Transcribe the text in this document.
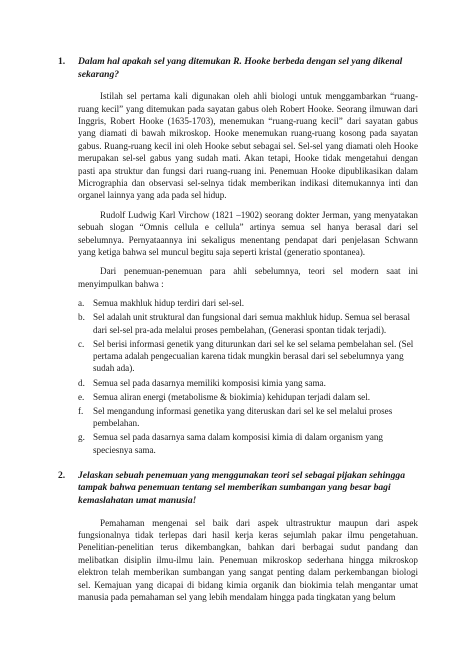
1. Dalam hal apakah sel yang ditemukan R. Hooke berbeda dengan sel yang dikenal sekarang?

Istilah sel pertama kali digunakan oleh ahli biologi untuk menggambarkan “ruang-ruang kecil” yang ditemukan pada sayatan gabus oleh Robert Hooke. Seorang ilmuwan dari Inggris, Robert Hooke (1635-1703), menemukan “ruang-ruang kecil” dari sayatan gabus yang diamati di bawah mikroskop. Hooke menemukan ruang-ruang kosong pada sayatan gabus. Ruang-ruang kecil ini oleh Hooke sebut sebagai sel. Sel-sel yang diamati oleh Hooke merupakan sel-sel gabus yang sudah mati. Akan tetapi, Hooke tidak mengetahui dengan pasti apa struktur dan fungsi dari ruang-ruang ini. Penemuan Hooke dipublikasikan dalam Micrographia dan observasi sel-selnya tidak memberikan indikasi ditemukannya inti dan organel lainnya yang ada pada sel hidup.

Rudolf Ludwig Karl Virchow (1821 –1902) seorang dokter Jerman, yang menyatakan sebuah slogan “Omnis cellula e cellula” artinya semua sel hanya berasal dari sel sebelumnya. Pernyataannya ini sekaligus menentang pendapat dari penjelasan Schwann yang ketiga bahwa sel muncul begitu saja seperti kristal (generatio spontanea).

Dari penemuan-penemuan para ahli sebelumnya, teori sel modern saat ini menyimpulkan bahwa :

a. Semua makhluk hidup terdiri dari sel-sel.
b. Sel adalah unit struktural dan fungsional dari semua makhluk hidup. Semua sel berasal dari sel-sel pra-ada melalui proses pembelahan, (Generasi spontan tidak terjadi).
c. Sel berisi informasi genetik yang diturunkan dari sel ke sel selama pembelahan sel. (Sel pertama adalah pengecualian karena tidak mungkin berasal dari sel sebelumnya yang sudah ada).
d. Semua sel pada dasarnya memiliki komposisi kimia yang sama.
e. Semua aliran energi (metabolisme & biokimia) kehidupan terjadi dalam sel.
f. Sel mengandung informasi genetika yang diteruskan dari sel ke sel melalui proses pembelahan.
g. Semua sel pada dasarnya sama dalam komposisi kimia di dalam organism yang speciesnya sama.
2. Jelaskan sebuah penemuan yang menggunakan teori sel sebagai pijakan sehingga tampak bahwa penemuan tentang sel memberikan sumbangan yang besar bagi kemaslahatan umat manusia!

Pemahaman mengenai sel baik dari aspek ultrastruktur maupun dari aspek fungsionalnya tidak terlepas dari hasil kerja keras sejumlah pakar ilmu pengetahuan. Penelitian-penelitian terus dikembangkan, bahkan dari berbagai sudut pandang dan melibatkan disiplin ilmu-ilmu lain. Penemuan mikroskop sederhana hingga mikroskop elektron telah memberikan sumbangan yang sangat penting dalam perkembangan biologi sel. Kemajuan yang dicapai di bidang kimia organik dan biokimia telah mengantar umat manusia pada pemahaman sel yang lebih mendalam hingga pada tingkatan yang belum
